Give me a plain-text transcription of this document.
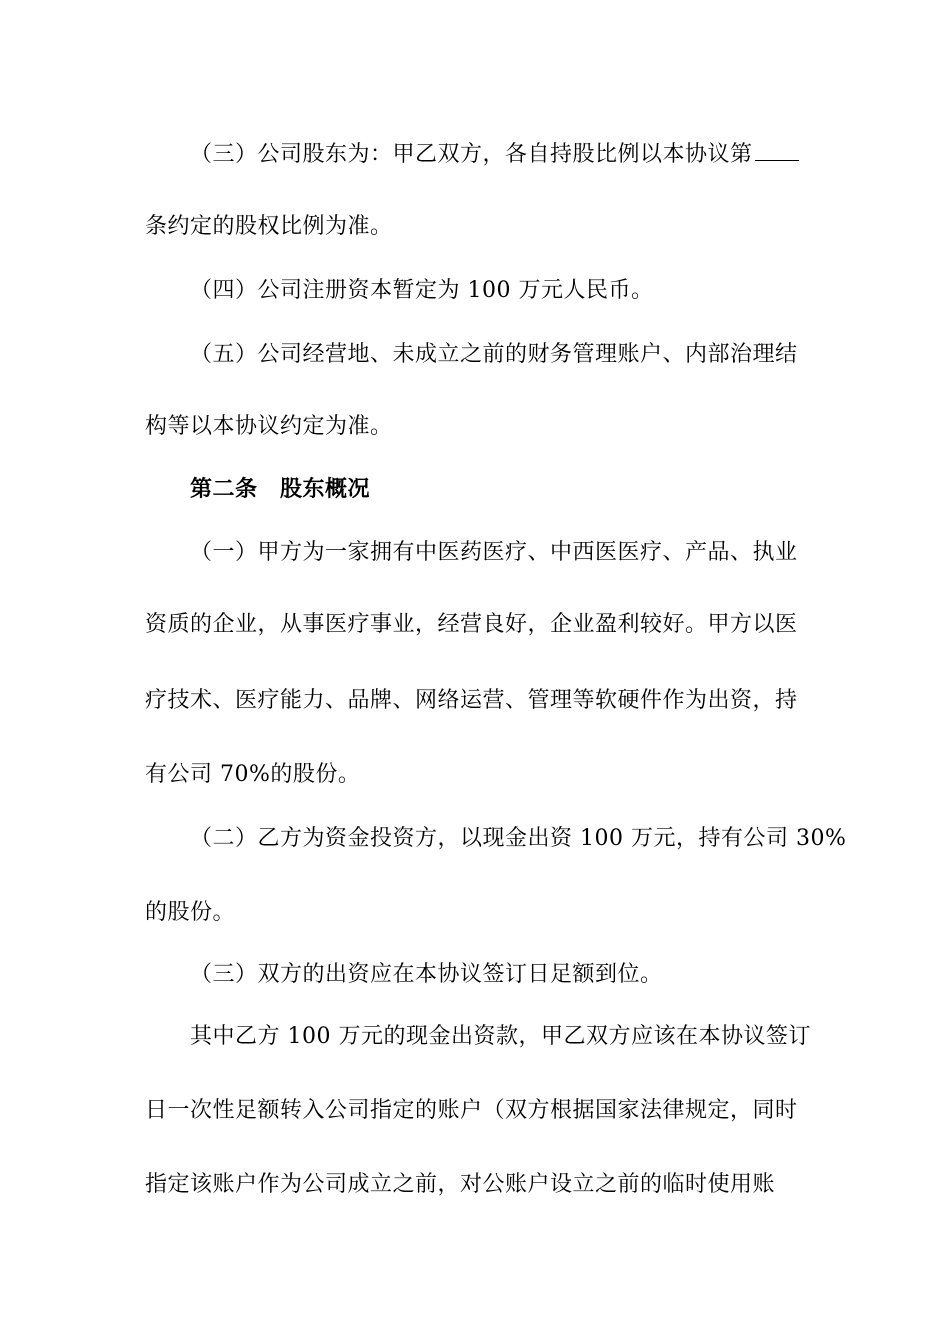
（三）公司股东为：甲乙双方，各自持股比例以本协议第
条约定的股权比例为准。
（四）公司注册资本暂定为 100 万元人民币。
（五）公司经营地、未成立之前的财务管理账户、内部治理结
构等以本协议约定为准。
第二条　股东概况
（一）甲方为一家拥有中医药医疗、中西医医疗、产品、执业
资质的企业，从事医疗事业，经营良好，企业盈利较好。甲方以医
疗技术、医疗能力、品牌、网络运营、管理等软硬件作为出资，持
有公司 70%的股份。
（二）乙方为资金投资方，以现金出资 100 万元，持有公司 30%
的股份。
（三）双方的出资应在本协议签订日足额到位。
其中乙方 100 万元的现金出资款，甲乙双方应该在本协议签订
日一次性足额转入公司指定的账户（双方根据国家法律规定，同时
指定该账户作为公司成立之前，对公账户设立之前的临时使用账
